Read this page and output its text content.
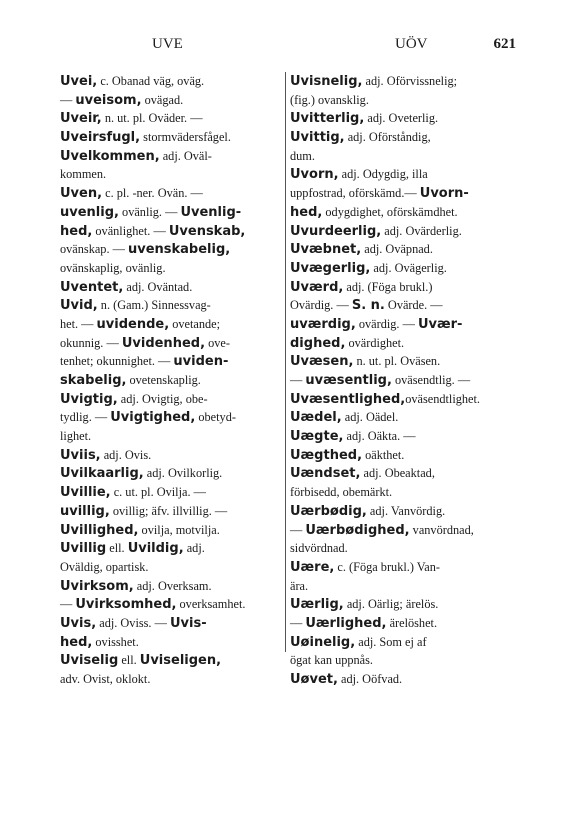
UVE	UÖV	621
Uvei, c. Obanad väg, oväg.
— uveisom, ovägad.
Uveir, n. ut. pl. Oväder. —
Uveirsfugl, stormvädersfågel.
Uvelkommen, adj. Oväl-
kommen.
Uven, c. pl. -ner. Ovän. —
uvenlig, ovänlig. — Uvenlig-
hed, ovänlighet. — Uvenskab,
ovänskap. — uvenskabelig,
ovänskaplig, ovänlig.
Uventet, adj. Oväntad.
Uvid, n. (Gam.) Sinnessvag-
het. — uvidende, ovetande;
okunnig. — Uvidenhed, ove-
tenhet; okunnighet. — uviden-
skabelig, ovetenskaplig.
Uvigtig, adj. Ovigtig, obe-
tydlig. — Uvigtighed, obetyd-
lighet.
Uviis, adj. Ovis.
Uvilkaarlig, adj. Ovilkorlig.
Uvillie, c. ut. pl. Ovilja. —
uvillig, ovillig; äfv. illvillig. —
Uvillighed, ovilja, motvilja.
Uvillig ell. Uvildig, adj.
Oväldig, opartisk.
Uvirksom, adj. Overksam.
— Uvirksomhed, overksamhet.
Uvis, adj. Oviss. — Uvis-
hed, ovisshet.
Uviselig ell. Uviseligen,
adv. Ovist, oklokt.
Uvisnelig, adj. Oförvissnelig;
(fig.) ovansklig.
Uvitterlig, adj. Oveterlig.
Uvittig, adj. Oförståndig,
dum.
Uvorn, adj. Odygdig, illa
uppfostrad, oförskämd.— Uvorn-
hed, odygdighet, oförskämdhet.
Uvurdeerlig, adj. Ovärderlig.
Uvæbnet, adj. Oväpnad.
Uvægerlig, adj. Ovägerlig.
Uværd, adj. (Föga brukl.)
Ovärdig. — S. n. Ovärde. —
uværdig, ovärdig. — Uvær-
dighed, ovärdighet.
Uvæsen, n. ut. pl. Oväsen.
— uvæsentlig, oväsendtlig. —
Uvæsentlighed,oväsendtlighet.
Uædel, adj. Oädel.
Uægte, adj. Oäkta. —
Uægthed, oäkthet.
Uændset, adj. Obeaktad,
förbisedd, obemärkt.
Uærbødig, adj. Vanvördig.
— Uærbødighed, vanvördnad,
sidvördnad.
Uære, c. (Föga brukl.) Van-
ära.
Uærlig, adj. Oärlig; ärelös.
— Uærlighed, ärelöshet.
Uøinelig, adj. Som ej af
ögat kan uppnås.
Uøvet, adj. Oöfvad.
